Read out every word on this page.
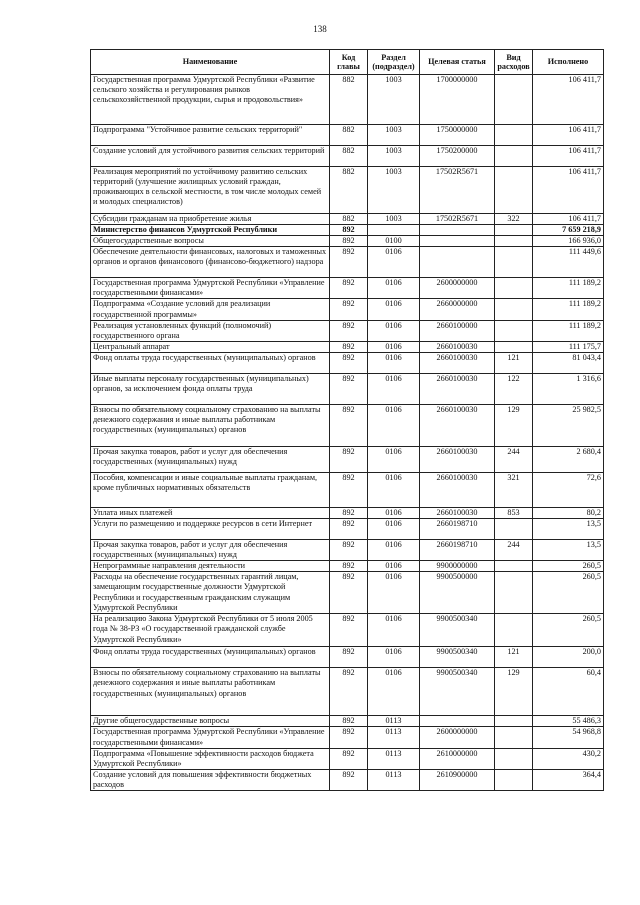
138
Наименование	Код главы	Раздел (подраздел)	Целевая статья	Вид расходов	Исполнено
Государственная программа Удмуртской Республики «Развитие сельского хозяйства и регулирования рынков сельскохозяйственной продукции, сырья и продовольствия»	882	1003	1700000000		106 411,7
Подпрограмма "Устойчивое развитие сельских территорий"	882	1003	1750000000		106 411,7
Создание условий для устойчивого развития сельских территорий	882	1003	1750200000		106 411,7
Реализация мероприятий по устойчивому развитию сельских территорий (улучшение жилищных условий граждан, проживающих в сельской местности, в том числе молодых семей и молодых специалистов)	882	1003	17502R5671		106 411,7
Субсидии гражданам на приобретение жилья	882	1003	17502R5671	322	106 411,7
Министерство финансов Удмуртской Республики	892				7 659 218,9
Общегосударственные вопросы	892	0100			166 936,0
Обеспечение деятельности финансовых, налоговых и таможенных органов и органов финансового (финансово-бюджетного) надзора	892	0106			111 449,6
Государственная программа Удмуртской Республики «Управление государственными финансами»	892	0106	2600000000		111 189,2
Подпрограмма «Создание условий для реализации государственной программы»	892	0106	2660000000		111 189,2
Реализация установленных функций (полномочий) государственного органа	892	0106	2660100000		111 189,2
Центральный аппарат	892	0106	2660100030		111 175,7
Фонд оплаты труда государственных (муниципальных) органов	892	0106	2660100030	121	81 043,4
Иные выплаты персоналу государственных (муниципальных) органов, за исключением фонда оплаты труда	892	0106	2660100030	122	1 316,6
Взносы по обязательному социальному страхованию на выплаты денежного содержания и иные выплаты работникам государственных (муниципальных) органов	892	0106	2660100030	129	25 982,5
Прочая закупка товаров, работ и услуг для обеспечения государственных (муниципальных) нужд	892	0106	2660100030	244	2 680,4
Пособия, компенсации и иные социальные выплаты гражданам, кроме публичных нормативных обязательств	892	0106	2660100030	321	72,6
Уплата иных платежей	892	0106	2660100030	853	80,2
Услуги по размещению и поддержке ресурсов в сети Интернет	892	0106	2660198710		13,5
Прочая закупка товаров, работ и услуг для обеспечения государственных (муниципальных) нужд	892	0106	2660198710	244	13,5
Непрограммные направления деятельности	892	0106	9900000000		260,5
Расходы на обеспечение государственных гарантий лицам, замещающим государственные должности Удмуртской Республики и государственным гражданским служащим Удмуртской Республики	892	0106	9900500000		260,5
На реализацию Закона Удмуртской Республики от 5 июля 2005 года № 38-РЗ «О государственной гражданской службе Удмуртской Республики»	892	0106	9900500340		260,5
Фонд оплаты труда государственных (муниципальных) органов	892	0106	9900500340	121	200,0
Взносы по обязательному социальному страхованию на выплаты денежного содержания и иные выплаты работникам государственных (муниципальных) органов	892	0106	9900500340	129	60,4
Другие общегосударственные вопросы	892	0113			55 486,3
Государственная программа Удмуртской Республики «Управление государственными финансами»	892	0113	2600000000		54 968,8
Подпрограмма «Повышение эффективности расходов бюджета Удмуртской Республики»	892	0113	2610000000		430,2
Создание условий для повышения эффективности бюджетных расходов	892	0113	2610900000		364,4
